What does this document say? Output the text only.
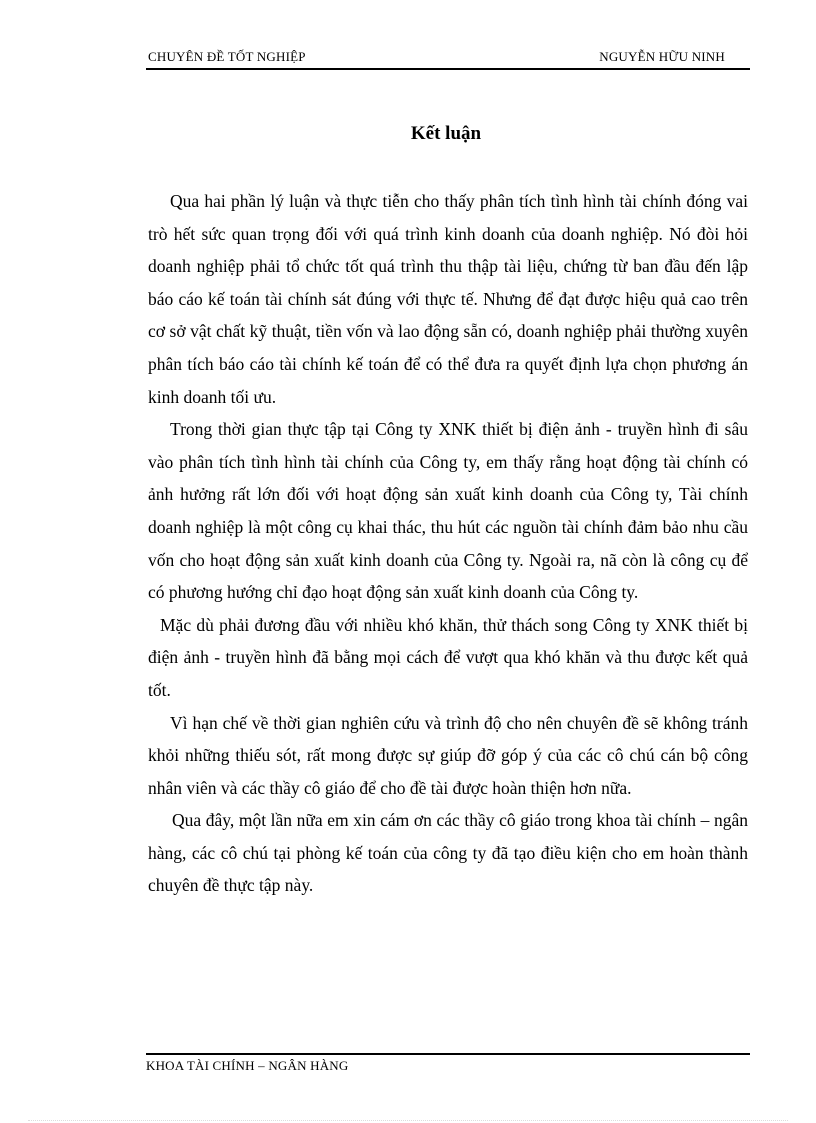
CHUYÊN ĐỀ TỐT NGHIỆP	NGUYỄN HỮU NINH
Kết luận

Qua hai phần lý luận và thực tiễn cho thấy phân tích tình hình tài chính đóng vai trò hết sức quan trọng đối với quá trình kinh doanh của doanh nghiệp. Nó đòi hỏi doanh nghiệp phải tổ chức tốt quá trình thu thập tài liệu, chứng từ ban đầu đến lập báo cáo kế toán tài chính sát đúng với thực tế. Nhưng để đạt được hiệu quả cao trên cơ sở vật chất kỹ thuật, tiền vốn và lao động sẵn có, doanh nghiệp phải thường xuyên phân tích báo cáo tài chính kế toán để có thể đưa ra quyết định lựa chọn phương án kinh doanh tối ưu.

Trong thời gian thực tập tại Công ty XNK thiết bị điện ảnh - truyền hình đi sâu vào phân tích tình hình tài chính của Công ty, em thấy rằng hoạt động tài chính có ảnh hưởng rất lớn đối với hoạt động sản xuất kinh doanh của Công ty, Tài chính doanh nghiệp là một công cụ khai thác, thu hút các nguồn tài chính đảm bảo nhu cầu vốn cho hoạt động sản xuất kinh doanh của Công ty. Ngoài ra, nã còn là công cụ để có phương hướng chỉ đạo hoạt động sản xuất kinh doanh của Công ty.

Mặc dù phải đương đầu với nhiều khó khăn, thử thách song Công ty XNK thiết bị điện ảnh - truyền hình đã bằng mọi cách để vượt qua khó khăn và thu được kết quả tốt.

Vì hạn chế về thời gian nghiên cứu và trình độ cho nên chuyên đề sẽ không tránh khỏi những thiếu sót, rất mong được sự giúp đỡ góp ý của các cô chú cán bộ công nhân viên và các thầy cô giáo để cho đề tài được hoàn thiện hơn nữa.

Qua đây, một lần nữa em xin cám ơn các thầy cô giáo trong khoa tài chính – ngân hàng, các cô chú tại phòng kế toán của công ty đã tạo điều kiện cho em hoàn thành chuyên đề thực tập này.

KHOA TÀI CHÍNH – NGÂN HÀNG
